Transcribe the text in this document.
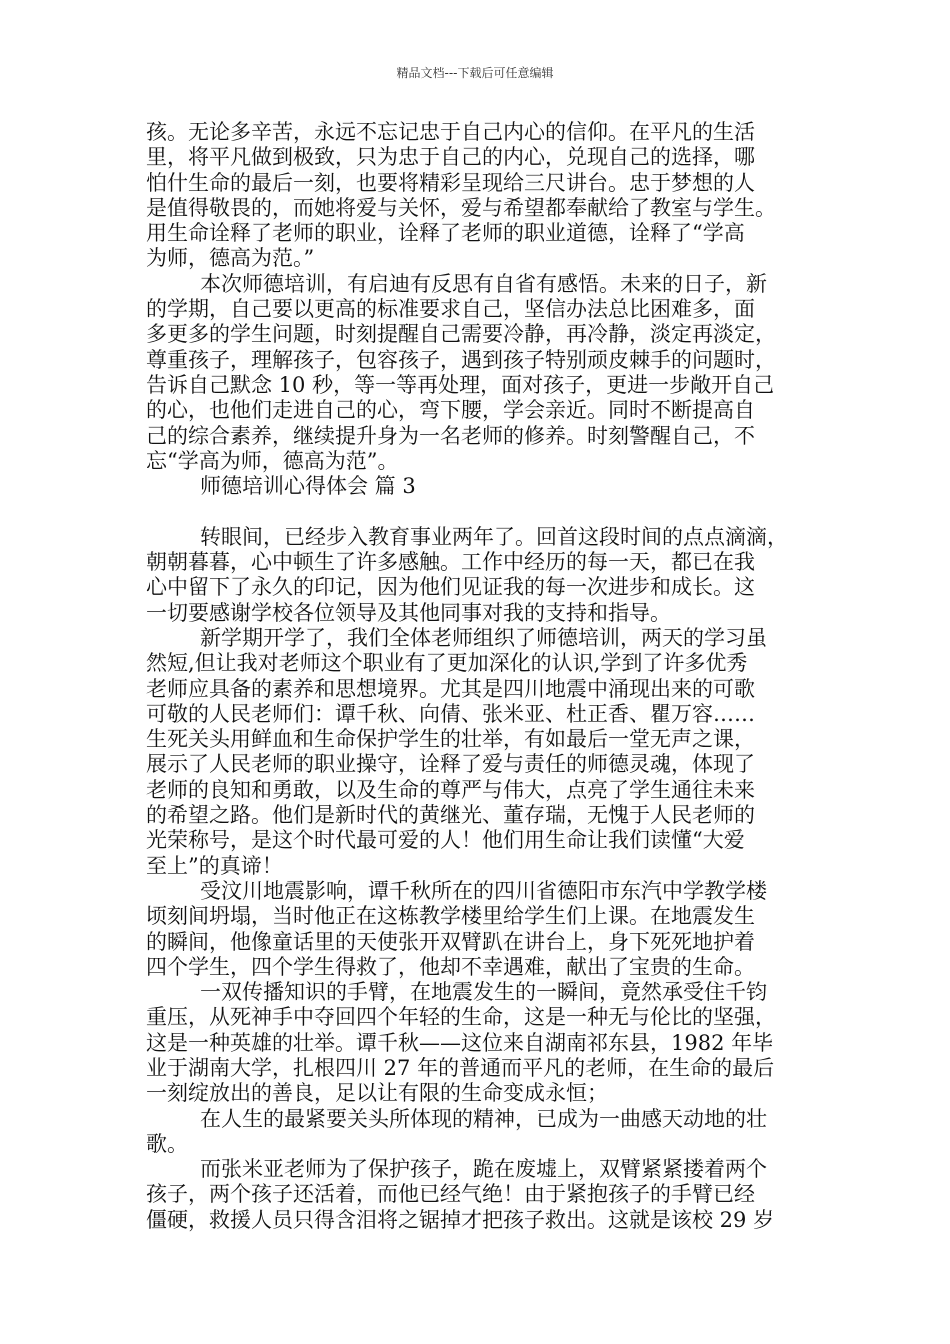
精品文档---下载后可任意编辑
孩。无论多辛苦，永远不忘记忠于自己内心的信仰。在平凡的生活
里，将平凡做到极致，只为忠于自己的内心，兑现自己的选择，哪
怕什生命的最后一刻，也要将精彩呈现给三尺讲台。忠于梦想的人
是值得敬畏的，而她将爱与关怀，爱与希望都奉献给了教室与学生。
用生命诠释了老师的职业，诠释了老师的职业道德，诠释了“学高
为师，德高为范。”
本次师德培训，有启迪有反思有自省有感悟。未来的日子，新
的学期，自己要以更高的标准要求自己，坚信办法总比困难多，面
多更多的学生问题，时刻提醒自己需要冷静，再冷静，淡定再淡定，
尊重孩子，理解孩子，包容孩子，遇到孩子特别顽皮棘手的问题时，
告诉自己默念 10 秒，等一等再处理，面对孩子，更进一步敞开自己
的心，也他们走进自己的心，弯下腰，学会亲近。同时不断提高自
己的综合素养，继续提升身为一名老师的修养。时刻警醒自己，不
忘“学高为师，德高为范”。
师德培训心得体会 篇 3
转眼间，已经步入教育事业两年了。回首这段时间的点点滴滴，
朝朝暮暮，心中顿生了许多感触。工作中经历的每一天，都已在我
心中留下了永久的印记，因为他们见证我的每一次进步和成长。这
一切要感谢学校各位领导及其他同事对我的支持和指导。
新学期开学了，我们全体老师组织了师德培训，两天的学习虽
然短,但让我对老师这个职业有了更加深化的认识,学到了许多优秀
老师应具备的素养和思想境界。尤其是四川地震中涌现出来的可歌
可敬的人民老师们：谭千秋、向倩、张米亚、杜正香、瞿万容……
生死关头用鲜血和生命保护学生的壮举，有如最后一堂无声之课，
展示了人民老师的职业操守，诠释了爱与责任的师德灵魂，体现了
老师的良知和勇敢，以及生命的尊严与伟大，点亮了学生通往未来
的希望之路。他们是新时代的黄继光、董存瑞，无愧于人民老师的
光荣称号，是这个时代最可爱的人！他们用生命让我们读懂“大爱
至上”的真谛！
受汶川地震影响，谭千秋所在的四川省德阳市东汽中学教学楼
顷刻间坍塌，当时他正在这栋教学楼里给学生们上课。在地震发生
的瞬间，他像童话里的天使张开双臂趴在讲台上，身下死死地护着
四个学生，四个学生得救了，他却不幸遇难，献出了宝贵的生命。
一双传播知识的手臂，在地震发生的一瞬间，竟然承受住千钧
重压，从死神手中夺回四个年轻的生命，这是一种无与伦比的坚强，
这是一种英雄的壮举。谭千秋——这位来自湖南祁东县，1982 年毕
业于湖南大学，扎根四川 27 年的普通而平凡的老师，在生命的最后
一刻绽放出的善良，足以让有限的生命变成永恒；
在人生的最紧要关头所体现的精神，已成为一曲感天动地的壮
歌。
而张米亚老师为了保护孩子，跪在废墟上，双臂紧紧搂着两个
孩子，两个孩子还活着，而他已经气绝！由于紧抱孩子的手臂已经
僵硬，救援人员只得含泪将之锯掉才把孩子救出。这就是该校 29 岁
